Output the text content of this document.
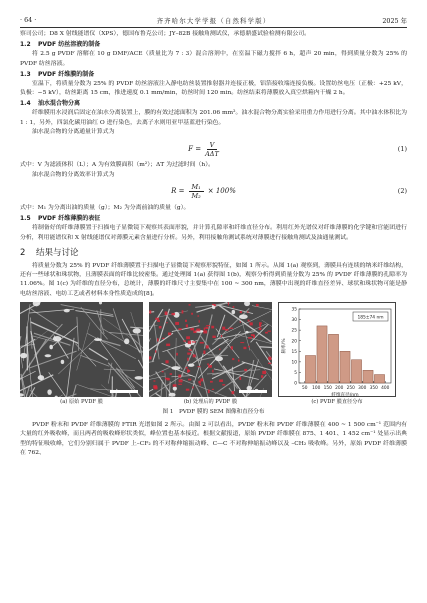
· 64 ·	齐齐哈尔大学学报（自然科学版）	2025 年

察司公司；D8 X 射线能谱仪（XPS），德国布鲁克公司；JY–82B 接触角测试仪，承德鼎盛试验检测有限公司。

1.2 PVDF 纺丝溶液的制备

将 2.5 g PVDF 溶解在 10 g DMF/ACE（质量比为 7 : 3）混合溶剂中，在室温下磁力搅拌 6 h，超声 20 min，得到质量分数为 25% 的 PVDF 纺丝溶液。

1.3 PVDF 纤维膜的制备

室温下，将质量分数为 25% 的 PVDF 纺丝溶液注入静电纺丝装置推射器并连接正极，铝箔接收端连接负极。设置纺丝电压（正极：+25 kV，负极：−5 kV），纺丝距离 15 cm，推进速度 0.1 mm/min，纺丝时间 120 min。纺丝结束将薄膜放入真空烘箱内干燥 2 h。

1.4 油水混合物分离

纤维膜用水浸润后固定在油水分离装置上，膜的有效过滤面积为 201.06 mm²。油水混合物分离实验采用重力作用进行分离。其中油水体积比为 1 : 1，另外，四氯化碳用油红 O 进行染色，去离子水则用亚甲基蓝进行染色。

油水混合物的分离通量计算式为

$F = \frac{V}{\text{AΔT}}$	(1)

式中：V 为滤液体积（L）；A 为有效膜面积（m²）；ΔT 为过滤时间（h）。

油水混合物的分离效率计算式为

$R = \frac{\text{M₁}}{\text{M₂}} \times 100\%$	(2)

式中：M₁ 为分离出油的质量（g）；M₂ 为分离前油的质量（g）。

1.5 PVDF 纤维薄膜的表征

将制备好的纤维薄膜置于扫描电子显微镜下观察其表面形貌，并计算孔隙率和纤维直径分布。利用红外光谱仪对纤维薄膜的化学键和官能团进行分析，利用能谱仪和 X 射线能谱仪对薄膜元素含量进行分析。另外，利用接触角测试系统对薄膜进行接触角测试及油通量测试。

2 结果与讨论

将质量分数为 25% 的 PVDF 纤维薄膜置于扫描电子显微镜下观察形貌特征，如图 1 所示。从图 1(a) 观察到，薄膜具有连续的纳米纤维结构，还有一些球状和珠状物，且薄膜表面的纤维比较密集。通过处理图 1(a) 获得图 1(b)，观察分析得到质量分数为 25% 的 PVDF 纤维薄膜的孔隙率为 11.06%。图 1(c) 为纤维的直径分布，总统计，薄膜的纤维尺寸主要集中在 100 ~ 300 nm，薄膜中出现的纤维直径差异、球状和珠状物可能是静电纺丝溶液、电纺工艺或者材料本身性质造成的[8]。

(a) 原始 PVDF 膜	(b) 处理后的 PVDF 膜
0
5
10
15
20
25
30
35
50 100 150 200 250 300 350 400
纤维直径/nm
频率/%
185±74 nm
(c) PVDF 膜直径分布
图 1　PVDF 膜的 SEM 图像和直径分布

PVDF 粉末和 PVDF 纤维薄膜的 FTIR 光谱如图 2 所示。由图 2 可以看出，PVDF 粉末和 PVDF 纤维薄膜在 400 ~ 1 500 cm⁻¹ 范围内有大量的红外吸收峰，而且两者的吸收峰形状类似，峰位置也基本接近。根据文献报道，原始 PVDF 纤维膜在 875、1 401、1 452 cm⁻¹ 处显示出典型的特征吸收峰，它们分别归属于 PVDF 上–CF₂ 的不对称伸缩振动峰、C—C 不对称伸缩振动峰以及 –CH₂ 吸收峰。另外，原始 PVDF 纤维薄膜在 762、
